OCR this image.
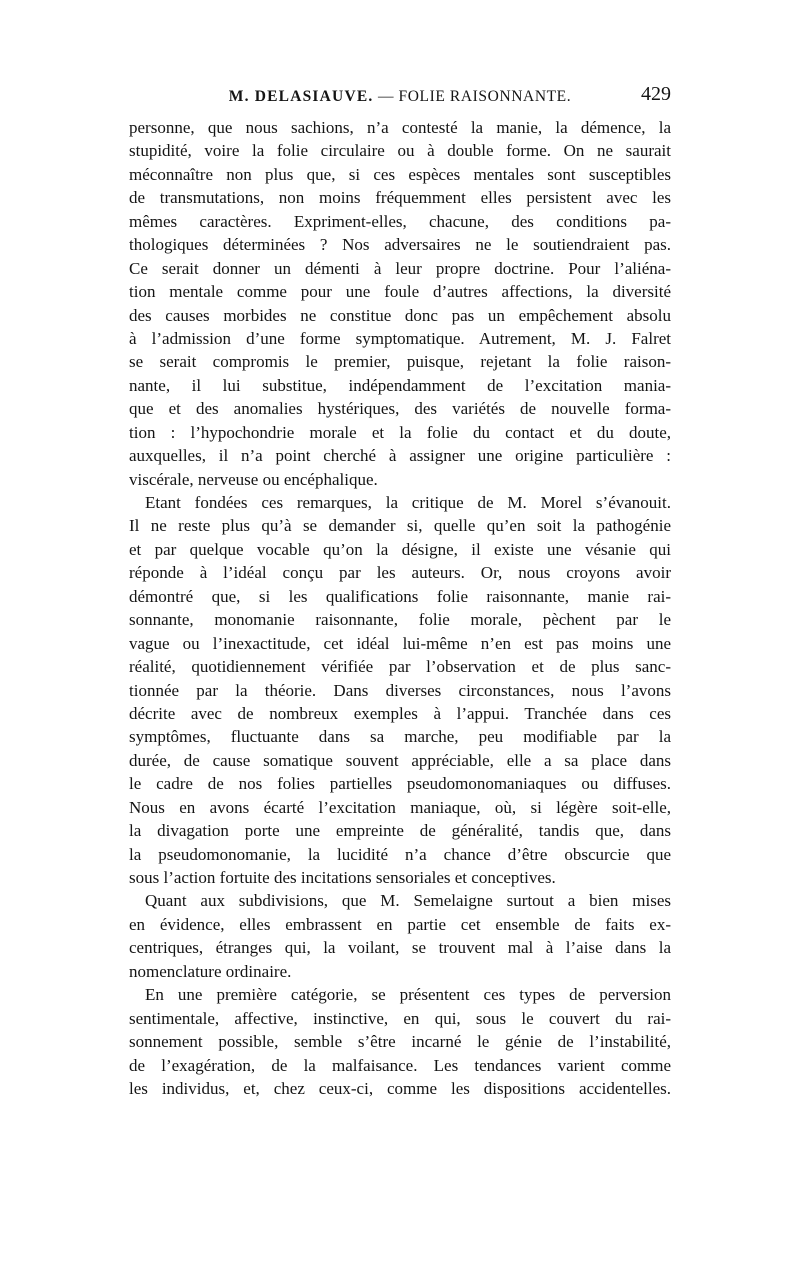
M. DELASIAUVE. — FOLIE RAISONNANTE.	429
personne, que nous sachions, n’a contesté la manie, la démence, la
stupidité, voire la folie circulaire ou à double forme. On ne saurait
méconnaître non plus que, si ces espèces mentales sont susceptibles
de transmutations, non moins fréquemment elles persistent avec les
mêmes caractères. Expriment-elles, chacune, des conditions pa-
thologiques déterminées ? Nos adversaires ne le soutiendraient pas.
Ce serait donner un démenti à leur propre doctrine. Pour l’aliéna-
tion mentale comme pour une foule d’autres affections, la diversité
des causes morbides ne constitue donc pas un empêchement absolu
à l’admission d’une forme symptomatique. Autrement, M. J. Falret
se serait compromis le premier, puisque, rejetant la folie raison-
nante, il lui substitue, indépendamment de l’excitation mania-
que et des anomalies hystériques, des variétés de nouvelle forma-
tion : l’hypochondrie morale et la folie du contact et du doute,
auxquelles, il n’a point cherché à assigner une origine particulière :
viscérale, nerveuse ou encéphalique.
Etant fondées ces remarques, la critique de M. Morel s’évanouit.
Il ne reste plus qu’à se demander si, quelle qu’en soit la pathogénie
et par quelque vocable qu’on la désigne, il existe une vésanie qui
réponde à l’idéal conçu par les auteurs. Or, nous croyons avoir
démontré que, si les qualifications folie raisonnante, manie rai-
sonnante, monomanie raisonnante, folie morale, pèchent par le
vague ou l’inexactitude, cet idéal lui-même n’en est pas moins une
réalité, quotidiennement vérifiée par l’observation et de plus sanc-
tionnée par la théorie. Dans diverses circonstances, nous l’avons
décrite avec de nombreux exemples à l’appui. Tranchée dans ces
symptômes, fluctuante dans sa marche, peu modifiable par la
durée, de cause somatique souvent appréciable, elle a sa place dans
le cadre de nos folies partielles pseudomonomaniaques ou diffuses.
Nous en avons écarté l’excitation maniaque, où, si légère soit-elle,
la divagation porte une empreinte de généralité, tandis que, dans
la pseudomonomanie, la lucidité n’a chance d’être obscurcie que
sous l’action fortuite des incitations sensoriales et conceptives.
Quant aux subdivisions, que M. Semelaigne surtout a bien mises
en évidence, elles embrassent en partie cet ensemble de faits ex-
centriques, étranges qui, la voilant, se trouvent mal à l’aise dans la
nomenclature ordinaire.
En une première catégorie, se présentent ces types de perversion
sentimentale, affective, instinctive, en qui, sous le couvert du rai-
sonnement possible, semble s’être incarné le génie de l’instabilité,
de l’exagération, de la malfaisance. Les tendances varient comme
les individus, et, chez ceux-ci, comme les dispositions accidentelles.
